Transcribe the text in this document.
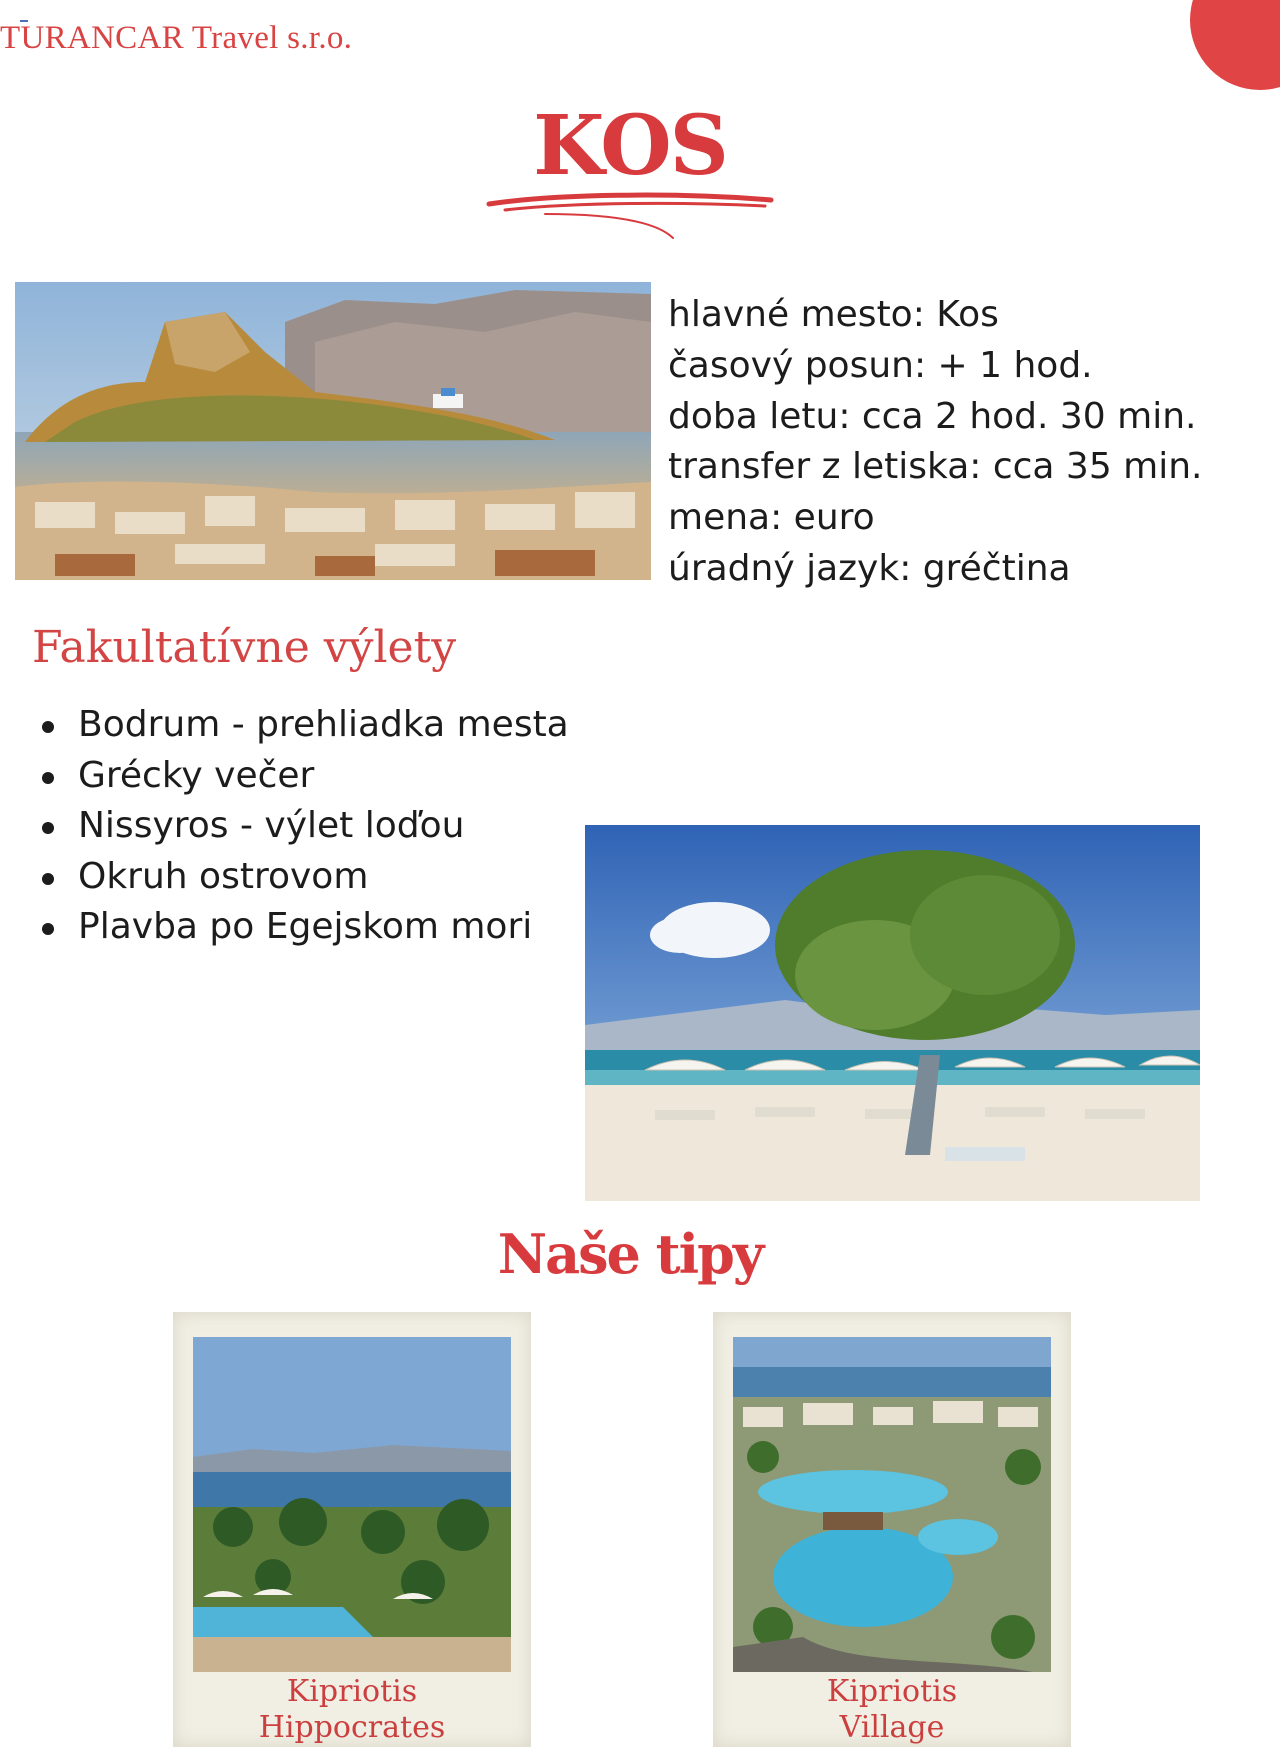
TURANCAR Travel s.r.o.
KOS
hlavné mesto: Kos
časový posun: + 1 hod.
doba letu: cca 2 hod. 30 min.
transfer z letiska: cca 35 min.
mena: euro
úradný jazyk: gréčtina
Fakultatívne výlety
Bodrum - prehliadka mesta
Grécky večer
Nissyros - výlet loďou
Okruh ostrovom
Plavba po Egejskom mori
Naše tipy
Kipriotis
Hippocrates
Kipriotis
Village
